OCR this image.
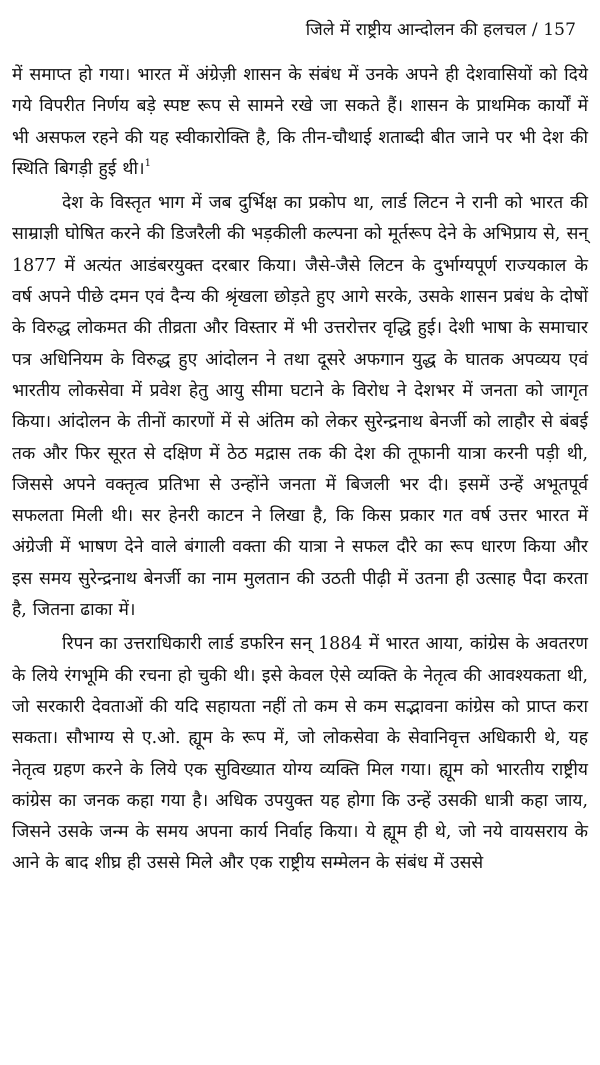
जिले में राष्ट्रीय आन्दोलन की हलचल / 157

में समाप्त हो गया। भारत में अंग्रेज़ी शासन के संबंध में उनके अपने ही देशवासियों को दिये गये विपरीत निर्णय बड़े स्पष्ट रूप से सामने रखे जा सकते हैं। शासन के प्राथमिक कार्यों में भी असफल रहने की यह स्वीकारोक्ति है, कि तीन-चौथाई शताब्दी बीत जाने पर भी देश की स्थिति बिगड़ी हुई थी।$^1$

देश के विस्तृत भाग में जब दुर्भिक्ष का प्रकोप था, लार्ड लिटन ने रानी को भारत की साम्राज्ञी घोषित करने की डिजरैली की भड़कीली कल्पना को मूर्तरूप देने के अभिप्राय से, सन् 1877 में अत्यंत आडंबरयुक्त दरबार किया। जैसे-जैसे लिटन के दुर्भाग्यपूर्ण राज्यकाल के वर्ष अपने पीछे दमन एवं दैन्य की श्रृंखला छोड़ते हुए आगे सरके, उसके शासन प्रबंध के दोषों के विरुद्ध लोकमत की तीव्रता और विस्तार में भी उत्तरोत्तर वृद्धि हुई। देशी भाषा के समाचार पत्र अधिनियम के विरुद्ध हुए आंदोलन ने तथा दूसरे अफगान युद्ध के घातक अपव्यय एवं भारतीय लोकसेवा में प्रवेश हेतु आयु सीमा घटाने के विरोध ने देशभर में जनता को जागृत किया। आंदोलन के तीनों कारणों में से अंतिम को लेकर सुरेन्द्रनाथ बेनर्जी को लाहौर से बंबई तक और फिर सूरत से दक्षिण में ठेठ मद्रास तक की देश की तूफानी यात्रा करनी पड़ी थी, जिससे अपने वक्तृत्व प्रतिभा से उन्होंने जनता में बिजली भर दी। इसमें उन्हें अभूतपूर्व सफलता मिली थी। सर हेनरी काटन ने लिखा है, कि किस प्रकार गत वर्ष उत्तर भारत में अंग्रेजी में भाषण देने वाले बंगाली वक्ता की यात्रा ने सफल दौरे का रूप धारण किया और इस समय सुरेन्द्रनाथ बेनर्जी का नाम मुलतान की उठती पीढ़ी में उतना ही उत्साह पैदा करता है, जितना ढाका में।

रिपन का उत्तराधिकारी लार्ड डफरिन सन् 1884 में भारत आया, कांग्रेस के अवतरण के लिये रंगभूमि की रचना हो चुकी थी। इसे केवल ऐसे व्यक्ति के नेतृत्व की आवश्यकता थी, जो सरकारी देवताओं की यदि सहायता नहीं तो कम से कम सद्भावना कांग्रेस को प्राप्त करा सकता। सौभाग्य से ए.ओ. ह्यूम के रूप में, जो लोकसेवा के सेवानिवृत्त अधिकारी थे, यह नेतृत्व ग्रहण करने के लिये एक सुविख्यात योग्य व्यक्ति मिल गया। ह्यूम को भारतीय राष्ट्रीय कांग्रेस का जनक कहा गया है। अधिक उपयुक्त यह होगा कि उन्हें उसकी धात्री कहा जाय, जिसने उसके जन्म के समय अपना कार्य निर्वाह किया। ये ह्यूम ही थे, जो नये वायसराय के आने के बाद शीघ्र ही उससे मिले और एक राष्ट्रीय सम्मेलन के संबंध में उससे
